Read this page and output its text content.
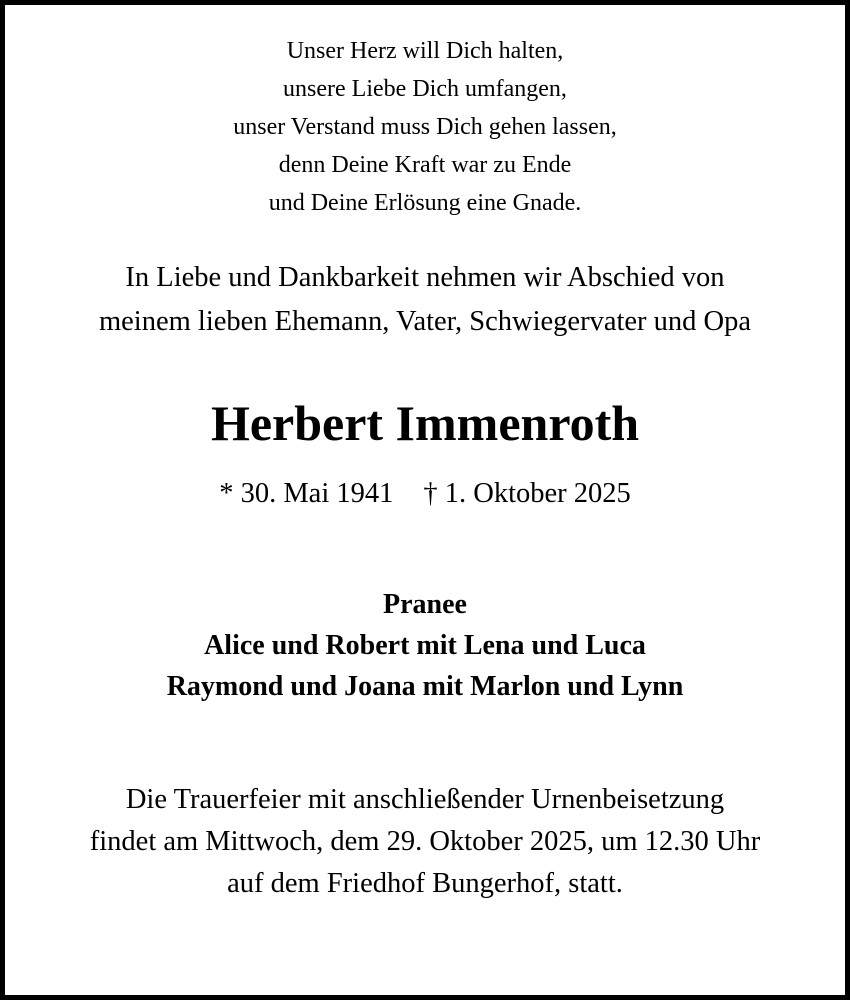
Unser Herz will Dich halten,
unsere Liebe Dich umfangen,
unser Verstand muss Dich gehen lassen,
denn Deine Kraft war zu Ende
und Deine Erlösung eine Gnade.
In Liebe und Dankbarkeit nehmen wir Abschied von
meinem lieben Ehemann, Vater, Schwiegervater und Opa
Herbert Immenroth
* 30. Mai 1941 † 1. Oktober 2025
Pranee
Alice und Robert mit Lena und Luca
Raymond und Joana mit Marlon und Lynn
Die Trauerfeier mit anschließender Urnenbeisetzung
findet am Mittwoch, dem 29. Oktober 2025, um 12.30 Uhr
auf dem Friedhof Bungerhof, statt.
